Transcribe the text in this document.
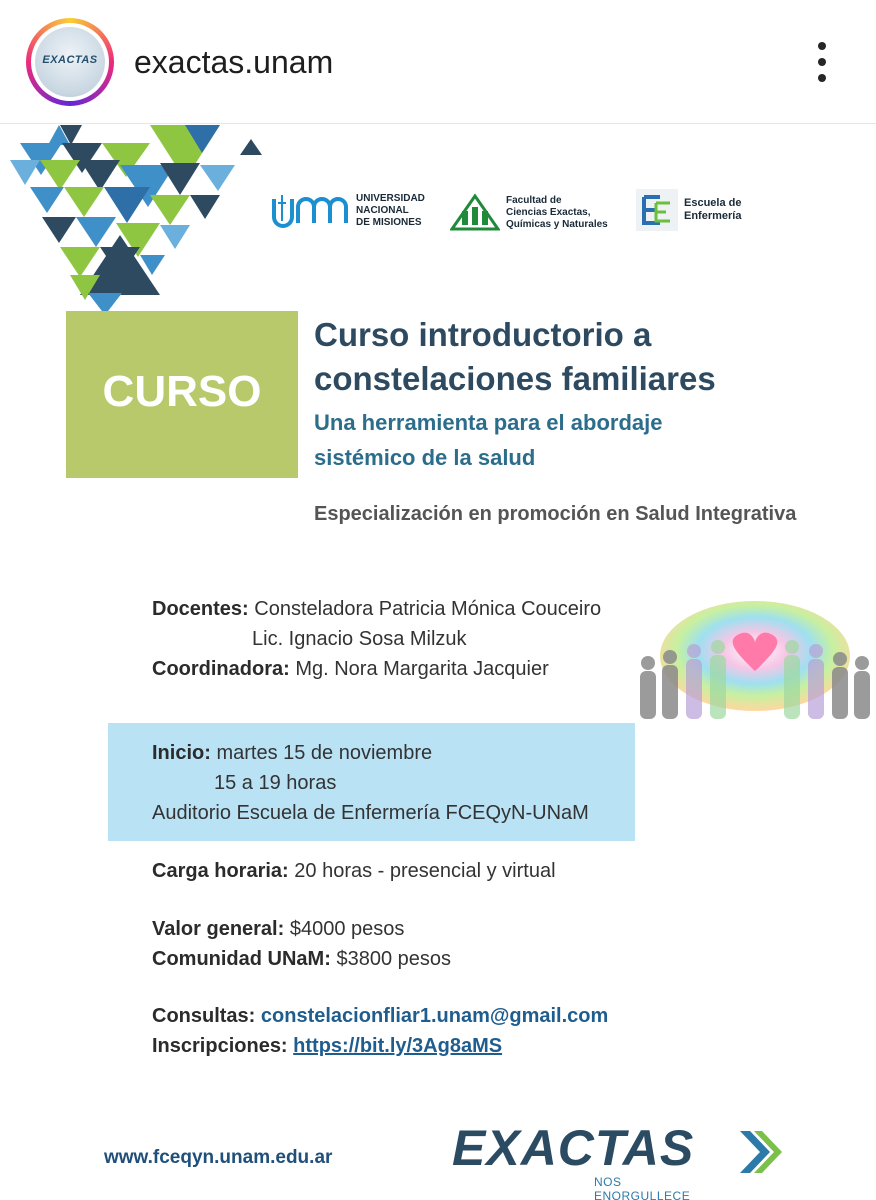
EXACTAS exactas.unam
UNIVERSIDAD
NACIONAL
DE MISIONES
Facultad de
Ciencias Exactas,
Químicas y Naturales
Escuela de
Enfermería
CURSO
Curso introductorio a
constelaciones familiares
Una herramienta para el abordaje
sistémico de la salud
Especialización en promoción en Salud Integrativa
Docentes: Consteladora Patricia Mónica Couceiro
Lic. Ignacio Sosa Milzuk
Coordinadora: Mg. Nora Margarita Jacquier
Inicio: martes 15 de noviembre
15 a 19 horas
Auditorio Escuela de Enfermería FCEQyN-UNaM
Carga horaria: 20 horas - presencial y virtual
Valor general: $4000 pesos
Comunidad UNaM: $3800 pesos
Consultas: constelacionfliar1.unam@gmail.com
Inscripciones: https://bit.ly/3Ag8aMS
www.fceqyn.unam.edu.ar EXACTAS
NOS ENORGULLECE
